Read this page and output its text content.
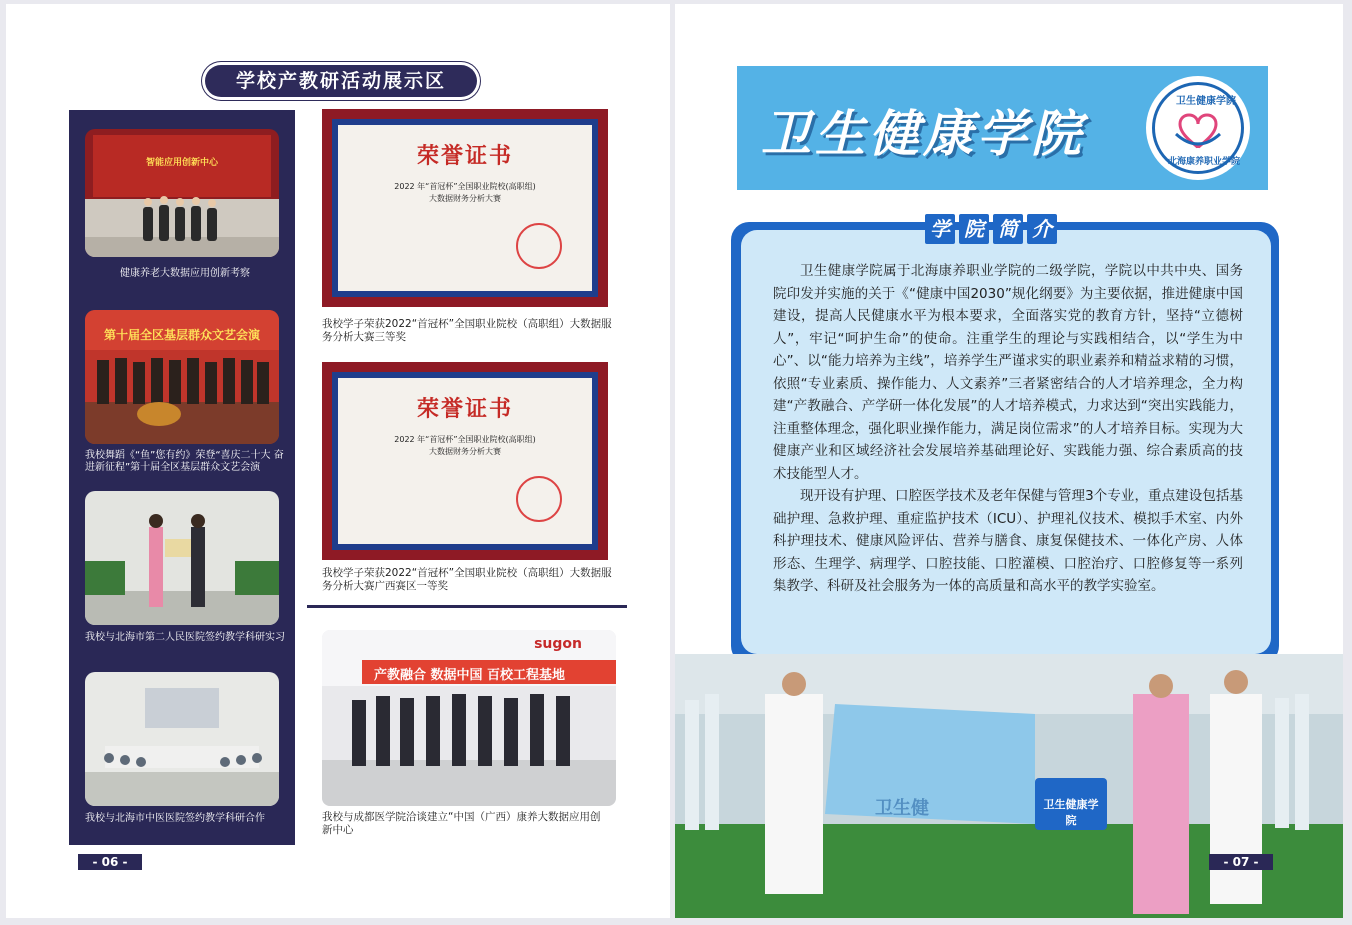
学校产教研活动展示区
智能应用创新中心
健康养老大数据应用创新考察
第十届全区基层群众文艺会演
我校舞蹈《“鱼”您有约》荣登“喜庆二十大 奋进新征程”第十届全区基层群众文艺会演
我校与北海市第二人民医院签约教学科研实习
我校与北海市中医医院签约教学科研合作
荣誉证书
2022 年“首冠杯”全国职业院校(高职组)
大数据财务分析大赛
我校学子荣获2022“首冠杯”全国职业院校（高职组）大数据服务分析大赛三等奖
荣誉证书
2022 年“首冠杯”全国职业院校(高职组)
大数据财务分析大赛
我校学子荣获2022“首冠杯”全国职业院校（高职组）大数据服务分析大赛广西赛区一等奖
产教融合 数据中国 百校工程基地
sugon
我校与成都医学院洽谈建立“中国（广西）康养大数据应用创新中心
- 06 -
卫生健康学院
卫生健康学院
北海康养职业学院
学 院 简 介

卫生健康学院属于北海康养职业学院的二级学院，学院以中共中央、国务院印发并实施的关于《“健康中国2030”规化纲要》为主要依据，推进健康中国建设，提高人民健康水平为根本要求，全面落实党的教育方针，坚持“立德树人”，牢记“呵护生命”的使命。注重学生的理论与实践相结合，以“学生为中心”、以“能力培养为主线”，培养学生严谨求实的职业素养和精益求精的习惯，依照“专业素质、操作能力、人文素养”三者紧密结合的人才培养理念，全力构建“产教融合、产学研一体化发展”的人才培养模式，力求达到“突出实践能力，注重整体理念，强化职业操作能力，满足岗位需求”的人才培养目标。实现为大健康产业和区域经济社会发展培养基础理论好、实践能力强、综合素质高的技术技能型人才。

现开设有护理、口腔医学技术及老年保健与管理3个专业，重点建设包括基础护理、急救护理、重症监护技术（ICU）、护理礼仪技术、模拟手术室、内外科护理技术、健康风险评估、营养与膳食、康复保健技术、一体化产房、人体形态、生理学、病理学、口腔技能、口腔灌模、口腔治疗、口腔修复等一系列集教学、科研及社会服务为一体的高质量和高水平的教学实验室。

卫生健康学院
卫生健
- 07 -
